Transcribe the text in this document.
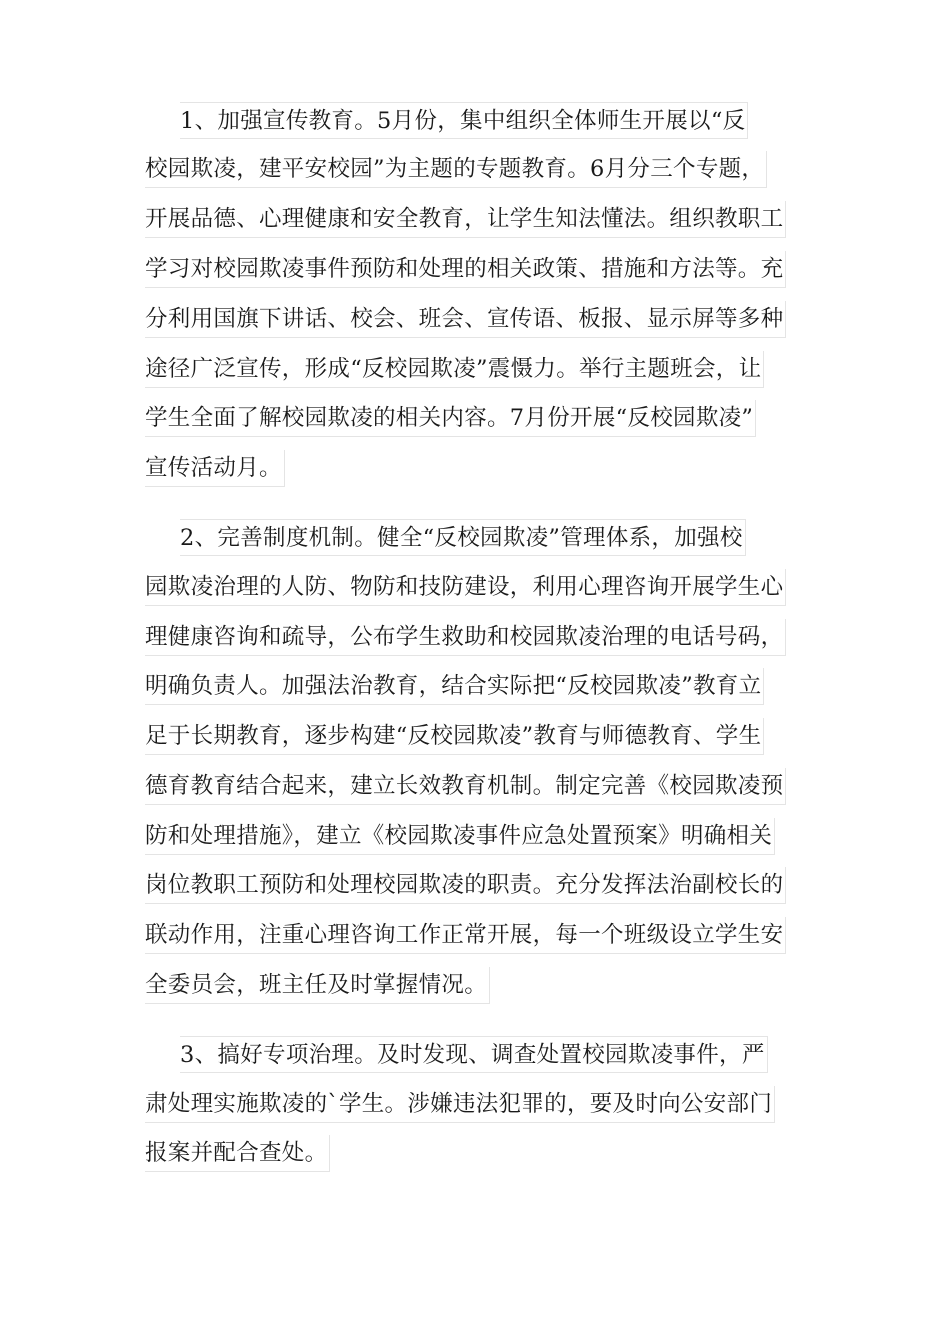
1、加强宣传教育。5月份，集中组织全体师生开展以“反
校园欺凌，建平安校园”为主题的专题教育。6月分三个专题，
开展品德、心理健康和安全教育，让学生知法懂法。组织教职工
学习对校园欺凌事件预防和处理的相关政策、措施和方法等。充
分利用国旗下讲话、校会、班会、宣传语、板报、显示屏等多种
途径广泛宣传，形成“反校园欺凌”震慑力。举行主题班会，让
学生全面了解校园欺凌的相关内容。7月份开展“反校园欺凌”
宣传活动月。
2、完善制度机制。健全“反校园欺凌”管理体系，加强校
园欺凌治理的人防、物防和技防建设，利用心理咨询开展学生心
理健康咨询和疏导，公布学生救助和校园欺凌治理的电话号码，
明确负责人。加强法治教育，结合实际把“反校园欺凌”教育立
足于长期教育，逐步构建“反校园欺凌”教育与师德教育、学生
德育教育结合起来，建立长效教育机制。制定完善《校园欺凌预
防和处理措施》，建立《校园欺凌事件应急处置预案》明确相关
岗位教职工预防和处理校园欺凌的职责。充分发挥法治副校长的
联动作用，注重心理咨询工作正常开展，每一个班级设立学生安
全委员会，班主任及时掌握情况。
3、搞好专项治理。及时发现、调查处置校园欺凌事件，严
肃处理实施欺凌的`学生。涉嫌违法犯罪的，要及时向公安部门
报案并配合查处。
